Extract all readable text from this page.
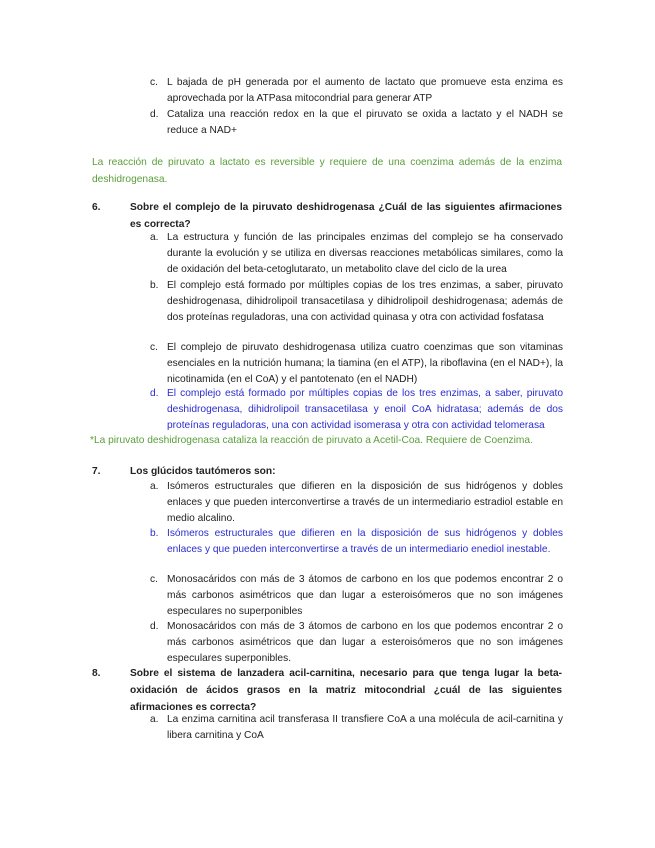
c. L bajada de pH generada por el aumento de lactato que promueve esta enzima es aprovechada por la ATPasa mitocondrial para generar ATP
d. Cataliza una reacción redox en la que el piruvato se oxida a lactato y el NADH se reduce a NAD+
La reacción de piruvato a lactato es reversible y requiere de una coenzima además de la enzima deshidrogenasa.
6.	Sobre el complejo de la piruvato deshidrogenasa ¿Cuál de las siguientes afirmaciones es correcta?
a. La estructura y función de las principales enzimas del complejo se ha conservado durante la evolución y se utiliza en diversas reacciones metabólicas similares, como la de oxidación del beta-cetoglutarato, un metabolito clave del ciclo de la urea
b. El complejo está formado por múltiples copias de los tres enzimas, a saber, piruvato deshidrogenasa, dihidrolipoil transacetilasa y dihidrolipoil deshidrogenasa; además de dos proteínas reguladoras, una con actividad quinasa y otra con actividad fosfatasa
c. El complejo de piruvato deshidrogenasa utiliza cuatro coenzimas que son vitaminas esenciales en la nutrición humana; la tiamina (en el ATP), la riboflavina (en el NAD+), la nicotinamida (en el CoA) y el pantotenato (en el NADH)
d. El complejo está formado por múltiples copias de los tres enzimas, a saber, piruvato deshidrogenasa, dihidrolipoil transacetilasa y enoil CoA hidratasa; además de dos proteínas reguladoras, una con actividad isomerasa y otra con actividad telomerasa
*La piruvato deshidrogenasa cataliza la reacción de piruvato a Acetil-Coa. Requiere de Coenzima.
7.	Los glúcidos tautómeros son:
a. Isómeros estructurales que difieren en la disposición de sus hidrógenos y dobles enlaces y que pueden interconvertirse a través de un intermediario estradiol estable en medio alcalino.
b. Isómeros estructurales que difieren en la disposición de sus hidrógenos y dobles enlaces y que pueden interconvertirse a través de un intermediario enediol inestable.
c. Monosacáridos con más de 3 átomos de carbono en los que podemos encontrar 2 o más carbonos asimétricos que dan lugar a esteroisómeros que no son imágenes especulares no superponibles
d. Monosacáridos con más de 3 átomos de carbono en los que podemos encontrar 2 o más carbonos asimétricos que dan lugar a esteroisómeros que no son imágenes especulares superponibles.
8.	Sobre el sistema de lanzadera acil-carnitina, necesario para que tenga lugar la beta-oxidación de ácidos grasos en la matriz mitocondrial ¿cuál de las siguientes afirmaciones es correcta?
a. La enzima carnitina acil transferasa II transfiere CoA a una molécula de acil-carnitina y libera carnitina y CoA
